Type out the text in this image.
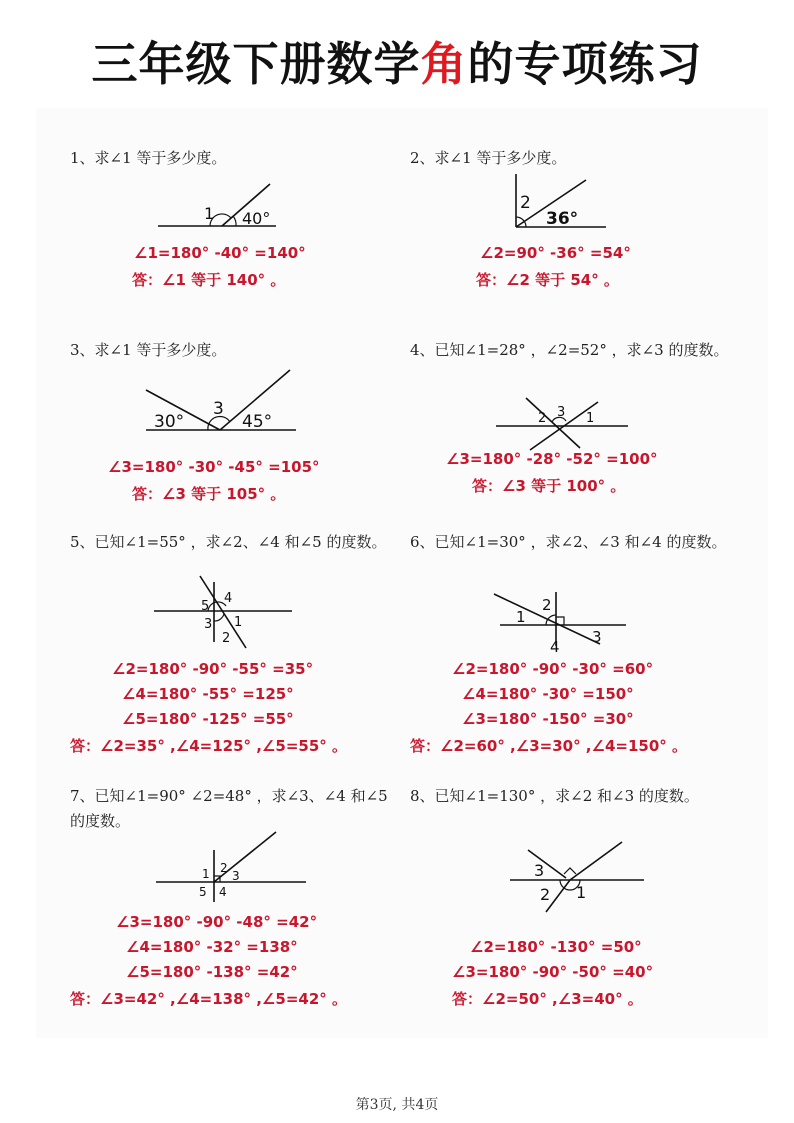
三年级下册数学角的专项练习
1、求∠1 等于多少度。
1 40°
∠1=180° -40° =140°
答：∠1 等于 140° 。
2、求∠1 等于多少度。
2
36°
∠2=90° -36° =54°
答：∠2 等于 54° 。
3、求∠1 等于多少度。
30°
3
45°
∠3=180° -30° -45° =105°
答：∠3 等于 105° 。
4、已知∠1=28° ，∠2=52° ，求∠3 的度数。
2 3 1
∠3=180° -28° -52° =100°
答：∠3 等于 100° 。
5、已知∠1=55° ，求∠2、∠4 和∠5 的度数。
5
4
3 1
2
∠2=180° -90° -55° =35°
∠4=180° -55° =125°
∠5=180° -125° =55°
答：∠2=35° ,∠4=125° ,∠5=55° 。
6、已知∠1=30° ，求∠2、∠3 和∠4 的度数。
1
2
3
4
∠2=180° -90° -30° =60°
∠4=180° -30° =150°
∠3=180° -150° =30°
答：∠2=60° ,∠3=30° ,∠4=150° 。
7、已知∠1=90° ∠2=48° ，求∠3、∠4 和∠5 的度数。
1 2
3
5 4
∠3=180° -90° -48° =42°
∠4=180° -32° =138°
∠5=180° -138° =42°
答：∠3=42° ,∠4=138° ,∠5=42° 。
8、已知∠1=130° ，求∠2 和∠3 的度数。
3
2 1
∠2=180° -130° =50°
∠3=180° -90° -50° =40°
答：∠2=50° ,∠3=40° 。
第3页, 共4页
